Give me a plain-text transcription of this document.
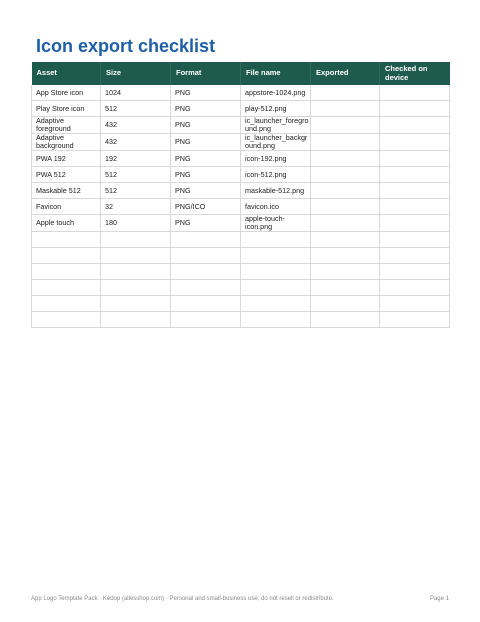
Icon export checklist
Asset	Size	Format	File name	Exported	Checked on device
App Store icon	1024	PNG	appstore-1024.png		
Play Store icon	512	PNG	play-512.png		
Adaptive foreground	432	PNG	ic_launcher_foreground.png		
Adaptive background	432	PNG	ic_launcher_background.png		
PWA 192	192	PNG	icon-192.png		
PWA 512	512	PNG	icon-512.png		
Maskable 512	512	PNG	maskable-512.png		
Favicon	32	PNG/ICO	favicon.ico		
Apple touch	180	PNG	apple-touch-icon.png		

App Logo Template Pack · Kedop (allesshop.com) · Personal and small-business use; do not resell or redistribute.	Page 1
